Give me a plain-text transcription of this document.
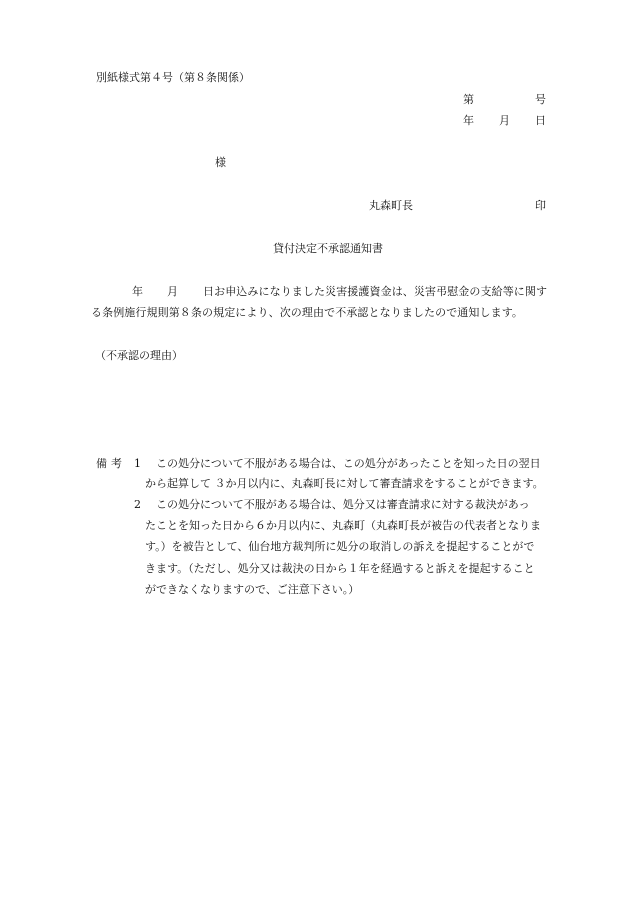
別紙様式第４号（第８条関係）
第	号
年 月 日
様
丸森町長	印
貸付決定不承認通知書
年 月 日お申込みになりました災害援護資金は、災害弔慰金の支給等に関す
る条例施行規則第８条の規定により、次の理由で不承認となりましたので通知します。
（不承認の理由）
備考 1 この処分について不服がある場合は、この処分があったことを知った日の翌日
から起算して ３か月以内に、丸森町長に対して審査請求をすることができます。
2 この処分について不服がある場合は、処分又は審査請求に対する裁決があっ
たことを知った日から６か月以内に、丸森町（丸森町長が被告の代表者となりま
す。）を被告として、仙台地方裁判所に処分の取消しの訴えを提起することがで
きます。（ただし、処分又は裁決の日から１年を経過すると訴えを提起すること
ができなくなりますので、ご注意下さい。）
